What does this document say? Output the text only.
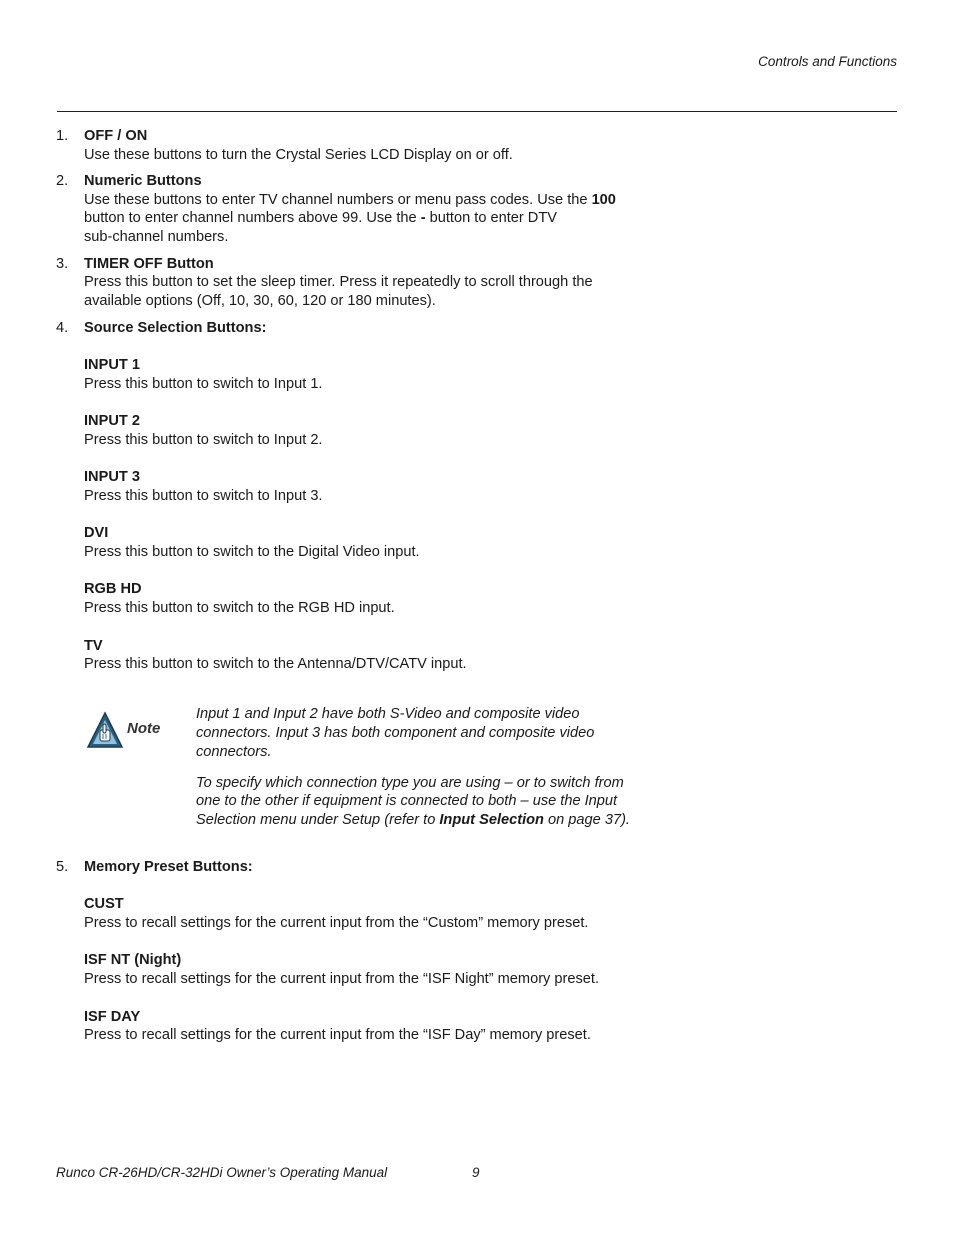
Controls and Functions
1.	OFF / ON
Use these buttons to turn the Crystal Series LCD Display on or off.
2.	Numeric Buttons
Use these buttons to enter TV channel numbers or menu pass codes. Use the 100
button to enter channel numbers above 99. Use the - button to enter DTV
sub-channel numbers.
3.	TIMER OFF Button
Press this button to set the sleep timer. Press it repeatedly to scroll through the
available options (Off, 10, 30, 60, 120 or 180 minutes).
4.	Source Selection Buttons:
INPUT 1
Press this button to switch to Input 1.
INPUT 2
Press this button to switch to Input 2.
INPUT 3
Press this button to switch to Input 3.
DVI
Press this button to switch to the Digital Video input.
RGB HD
Press this button to switch to the RGB HD input.
TV
Press this button to switch to the Antenna/DTV/CATV input.
Note
Input 1 and Input 2 have both S-Video and composite video
connectors. Input 3 has both component and composite video
connectors.
To specify which connection type you are using – or to switch from
one to the other if equipment is connected to both – use the Input
Selection menu under Setup (refer to Input Selection on page 37).
5.	Memory Preset Buttons:
CUST
Press to recall settings for the current input from the “Custom” memory preset.
ISF NT (Night)
Press to recall settings for the current input from the “ISF Night” memory preset.
ISF DAY
Press to recall settings for the current input from the “ISF Day” memory preset.
Runco CR-26HD/CR-32HDi Owner’s Operating Manual	9
